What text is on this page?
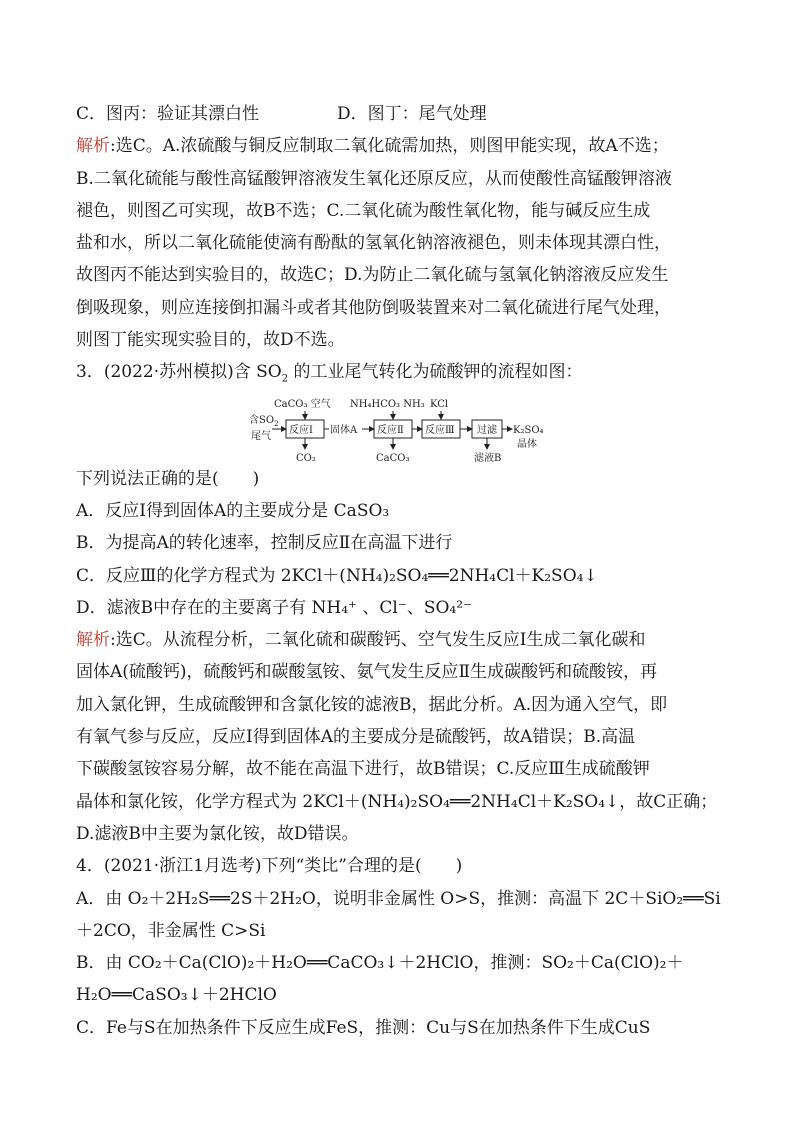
C．图丙：验证其漂白性	D．图丁：尾气处理
解析:选C。A.浓硫酸与铜反应制取二氧化硫需加热，则图甲能实现，故A不选；
B.二氧化硫能与酸性高锰酸钾溶液发生氧化还原反应，从而使酸性高锰酸钾溶液
褪色，则图乙可实现，故B不选；C.二氧化硫为酸性氧化物，能与碱反应生成
盐和水，所以二氧化硫能使滴有酚酞的氢氧化钠溶液褪色，则未体现其漂白性，
故图丙不能达到实验目的，故选C；D.为防止二氧化硫与氢氧化钠溶液反应发生
倒吸现象，则应连接倒扣漏斗或者其他防倒吸装置来对二氧化硫进行尾气处理，
则图丁能实现实验目的，故D不选。
3．(2022·苏州模拟)含 $SO_2$ 的工业尾气转化为硫酸钾的流程如图：
含$SO_2$
尾气
CaCO₃ 空气 NH₄HCO₃ NH₃ KCl
反应Ⅰ
CO₂
固体A 反应Ⅱ
CaCO₃
反应Ⅲ 过滤
滤液B
K₂SO₄
晶体
下列说法正确的是(　　)
A．反应Ⅰ得到固体A的主要成分是 CaSO₃
B．为提高A的转化速率，控制反应Ⅱ在高温下进行
C．反应Ⅲ的化学方程式为 2KCl＋(NH₄)₂SO₄══2NH₄Cl＋K₂SO₄↓
D．滤液B中存在的主要离子有 NH₄⁺ 、Cl⁻、SO₄²⁻
解析:选C。从流程分析，二氧化硫和碳酸钙、空气发生反应Ⅰ生成二氧化碳和
固体A(硫酸钙)，硫酸钙和碳酸氢铵、氨气发生反应Ⅱ生成碳酸钙和硫酸铵，再
加入氯化钾，生成硫酸钾和含氯化铵的滤液B，据此分析。A.因为通入空气，即
有氧气参与反应，反应Ⅰ得到固体A的主要成分是硫酸钙，故A错误；B.高温
下碳酸氢铵容易分解，故不能在高温下进行，故B错误；C.反应Ⅲ生成硫酸钾
晶体和氯化铵，化学方程式为 2KCl＋(NH₄)₂SO₄══2NH₄Cl＋K₂SO₄↓，故C正确；
D.滤液B中主要为氯化铵，故D错误。
4．(2021·浙江1月选考)下列“类比”合理的是(　　)
A．由 O₂＋2H₂S══2S＋2H₂O，说明非金属性 O>S，推测：高温下 2C＋SiO₂══Si
＋2CO，非金属性 C>Si
B．由 CO₂＋Ca(ClO)₂＋H₂O══CaCO₃↓＋2HClO，推测：SO₂＋Ca(ClO)₂＋
H₂O══CaSO₃↓＋2HClO
C．Fe与S在加热条件下反应生成FeS，推测：Cu与S在加热条件下生成CuS
